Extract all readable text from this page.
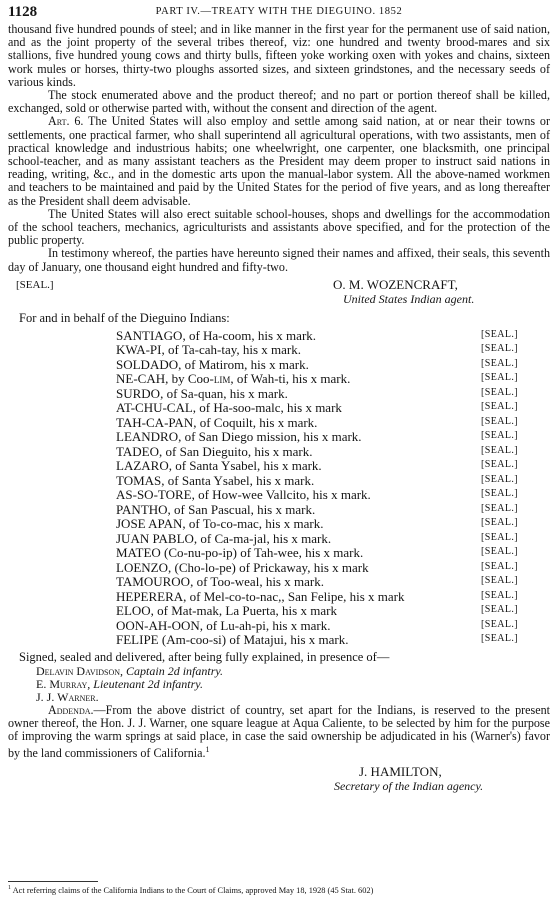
1128	PART IV.—TREATY WITH THE DIEGUINO. 1852

thousand five hundred pounds of steel; and in like manner in the first year for the permanent use of said nation, and as the joint property of the several tribes thereof, viz: one hundred and twenty brood-mares and six stallions, five hundred young cows and thirty bulls, fifteen yoke working oxen with yokes and chains, sixteen work mules or horses, thirty-two ploughs assorted sizes, and sixteen grindstones, and the necessary seeds of various kinds.

The stock enumerated above and the product thereof; and no part or portion thereof shall be killed, exchanged, sold or otherwise parted with, without the consent and direction of the agent.

Art. 6. The United States will also employ and settle among said nation, at or near their towns or settlements, one practical farmer, who shall superintend all agricultural operations, with two assistants, men of practical knowledge and industrious habits; one wheelwright, one carpenter, one blacksmith, one principal school-teacher, and as many assistant teachers as the President may deem proper to instruct said nations in reading, writing, &c., and in the domestic arts upon the manual-labor system. All the above-named workmen and teachers to be maintained and paid by the United States for the period of five years, and as long thereafter as the President shall deem advisable.

The United States will also erect suitable school-houses, shops and dwellings for the accommodation of the school teachers, mechanics, agriculturists and assistants above specified, and for the protection of the public property.

In testimony whereof, the parties have hereunto signed their names and affixed, their seals, this seventh day of January, one thousand eight hundred and fifty-two.

[SEAL.]	O. M. WOZENCRAFT,
United States Indian agent.
For and in behalf of the Dieguino Indians:
SANTIAGO, of Ha-coom, his x mark.	[SEAL.]
KWA-PI, of Ta-cah-tay, his x mark.	[SEAL.]
SOLDADO, of Matirom, his x mark.	[SEAL.]
NE-CAH, by Coo-lim, of Wah-ti, his x mark.	[SEAL.]
SURDO, of Sa-quan, his x mark.	[SEAL.]
AT-CHU-CAL, of Ha-soo-malc, his x mark	[SEAL.]
TAH-CA-PAN, of Coquilt, his x mark.	[SEAL.]
LEANDRO, of San Diego mission, his x mark.	[SEAL.]
TADEO, of San Dieguito, his x mark.	[SEAL.]
LAZARO, of Santa Ysabel, his x mark.	[SEAL.]
TOMAS, of Santa Ysabel, his x mark.	[SEAL.]
AS-SO-TORE, of How-wee Vallcito, his x mark.	[SEAL.]
PANTHO, of San Pascual, his x mark.	[SEAL.]
JOSE APAN, of To-co-mac, his x mark.	[SEAL.]
JUAN PABLO, of Ca-ma-jal, his x mark.	[SEAL.]
MATEO (Co-nu-po-ip) of Tah-wee, his x mark.	[SEAL.]
LOENZO, (Cho-lo-pe) of Prickaway, his x mark	[SEAL.]
TAMOUROO, of Too-weal, his x mark.	[SEAL.]
HEPERERA, of Mel-co-to-nac,, San Felipe, his x mark	[SEAL.]
ELOO, of Mat-mak, La Puerta, his x mark	[SEAL.]
OON-AH-OON, of Lu-ah-pi, his x mark.	[SEAL.]
FELIPE (Am-coo-si) of Matajui, his x mark.	[SEAL.]
Signed, sealed and delivered, after being fully explained, in presence of—
Delavin Davidson, Captain 2d infantry.
E. Murray, Lieutenant 2d infantry.
J. J. Warner.

Addenda.—From the above district of country, set apart for the Indians, is reserved to the present owner thereof, the Hon. J. J. Warner, one square league at Aqua Caliente, to be selected by him for the purpose of improving the warm springs at said place, in case the said ownership be adjudicated in his (Warner's) favor by the land commissioners of California.$^1$

J. HAMILTON,
Secretary of the Indian agency.
$^1$ Act referring claims of the California Indians to the Court of Claims, approved May 18, 1928 (45 Stat. 602)
